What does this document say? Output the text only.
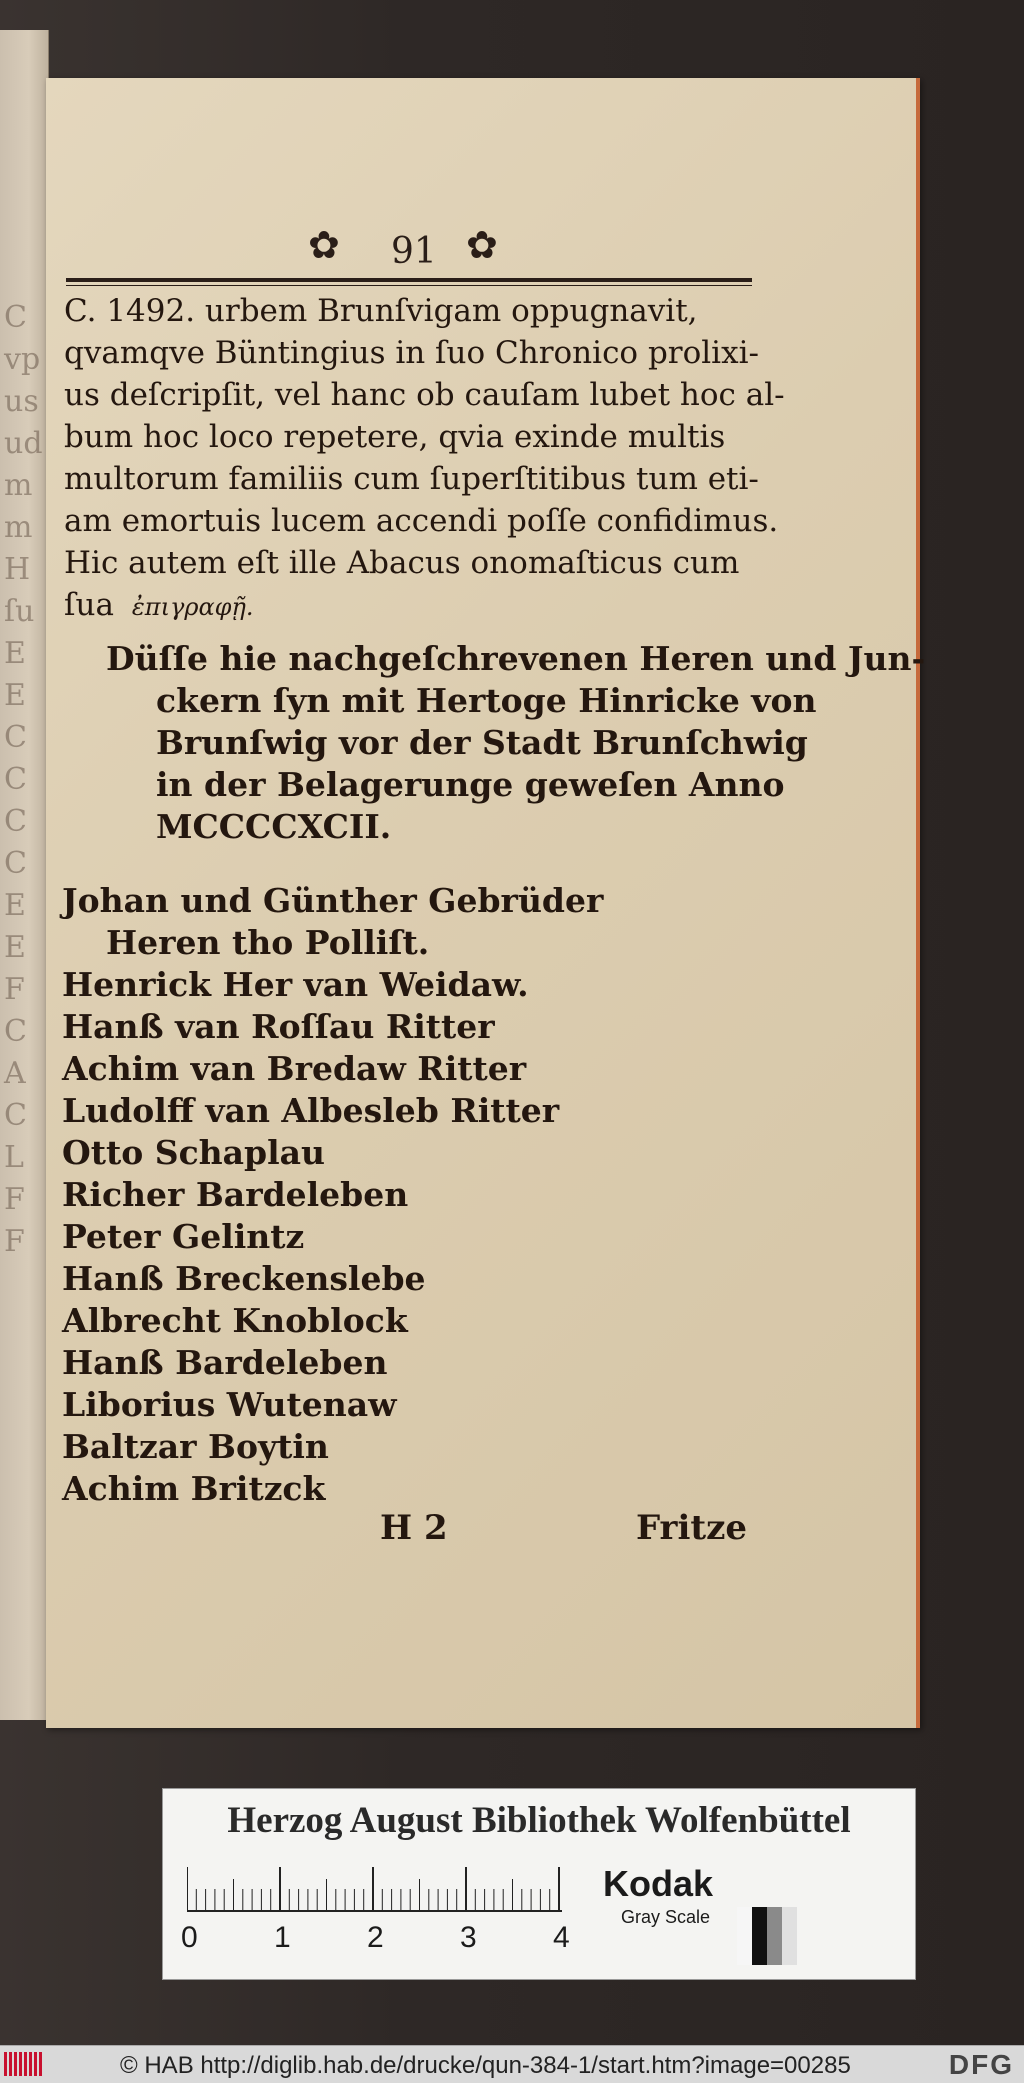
C
vp
us
ud
m
m
H
ſu
E
E
C
C
C
C
E
E
F
C
A
C
L
F
F
✿ 91 ✿

C. 1492. urbem Brunſvigam oppugnavit,
qvamqve Büntingius in ſuo Chronico prolixi-
us deſcripſit, vel hanc ob cauſam lubet hoc al-
bum hoc loco repetere, qvia exinde multis
multorum familiis cum ſuperſtitibus tum eti-
am emortuis lucem accendi poſſe confidimus.
Hic autem eſt ille Abacus onomaſticus cum
ſua ἐπιγραφῇ.

Düſſe hie nachgeſchrevenen Heren und Jun-
ckern ſyn mit Hertoge Hinricke von
Brunſwig vor der Stadt Brunſchwig
in der Belagerunge geweſen Anno
MCCCCXCII.
Johan und Günther Gebrüder
Heren tho Polliſt.
Henrick Her van Weidaw.
Hanß van Roſſau Ritter
Achim van Bredaw Ritter
Ludolff van Albesleb Ritter
Otto Schaplau
Richer Bardeleben
Peter Gelintz
Hanß Breckenslebe
Albrecht Knoblock
Hanß Bardeleben
Liborius Wutenaw
Baltzar Boytin
Achim Britzck
H 2	Fritze
Herzog August Bibliothek Wolfenbüttel
0	1	2	3	4
Kodak
Gray Scale
© HAB http://diglib.hab.de/drucke/qun-384-1/start.htm?image=00285	DFG
